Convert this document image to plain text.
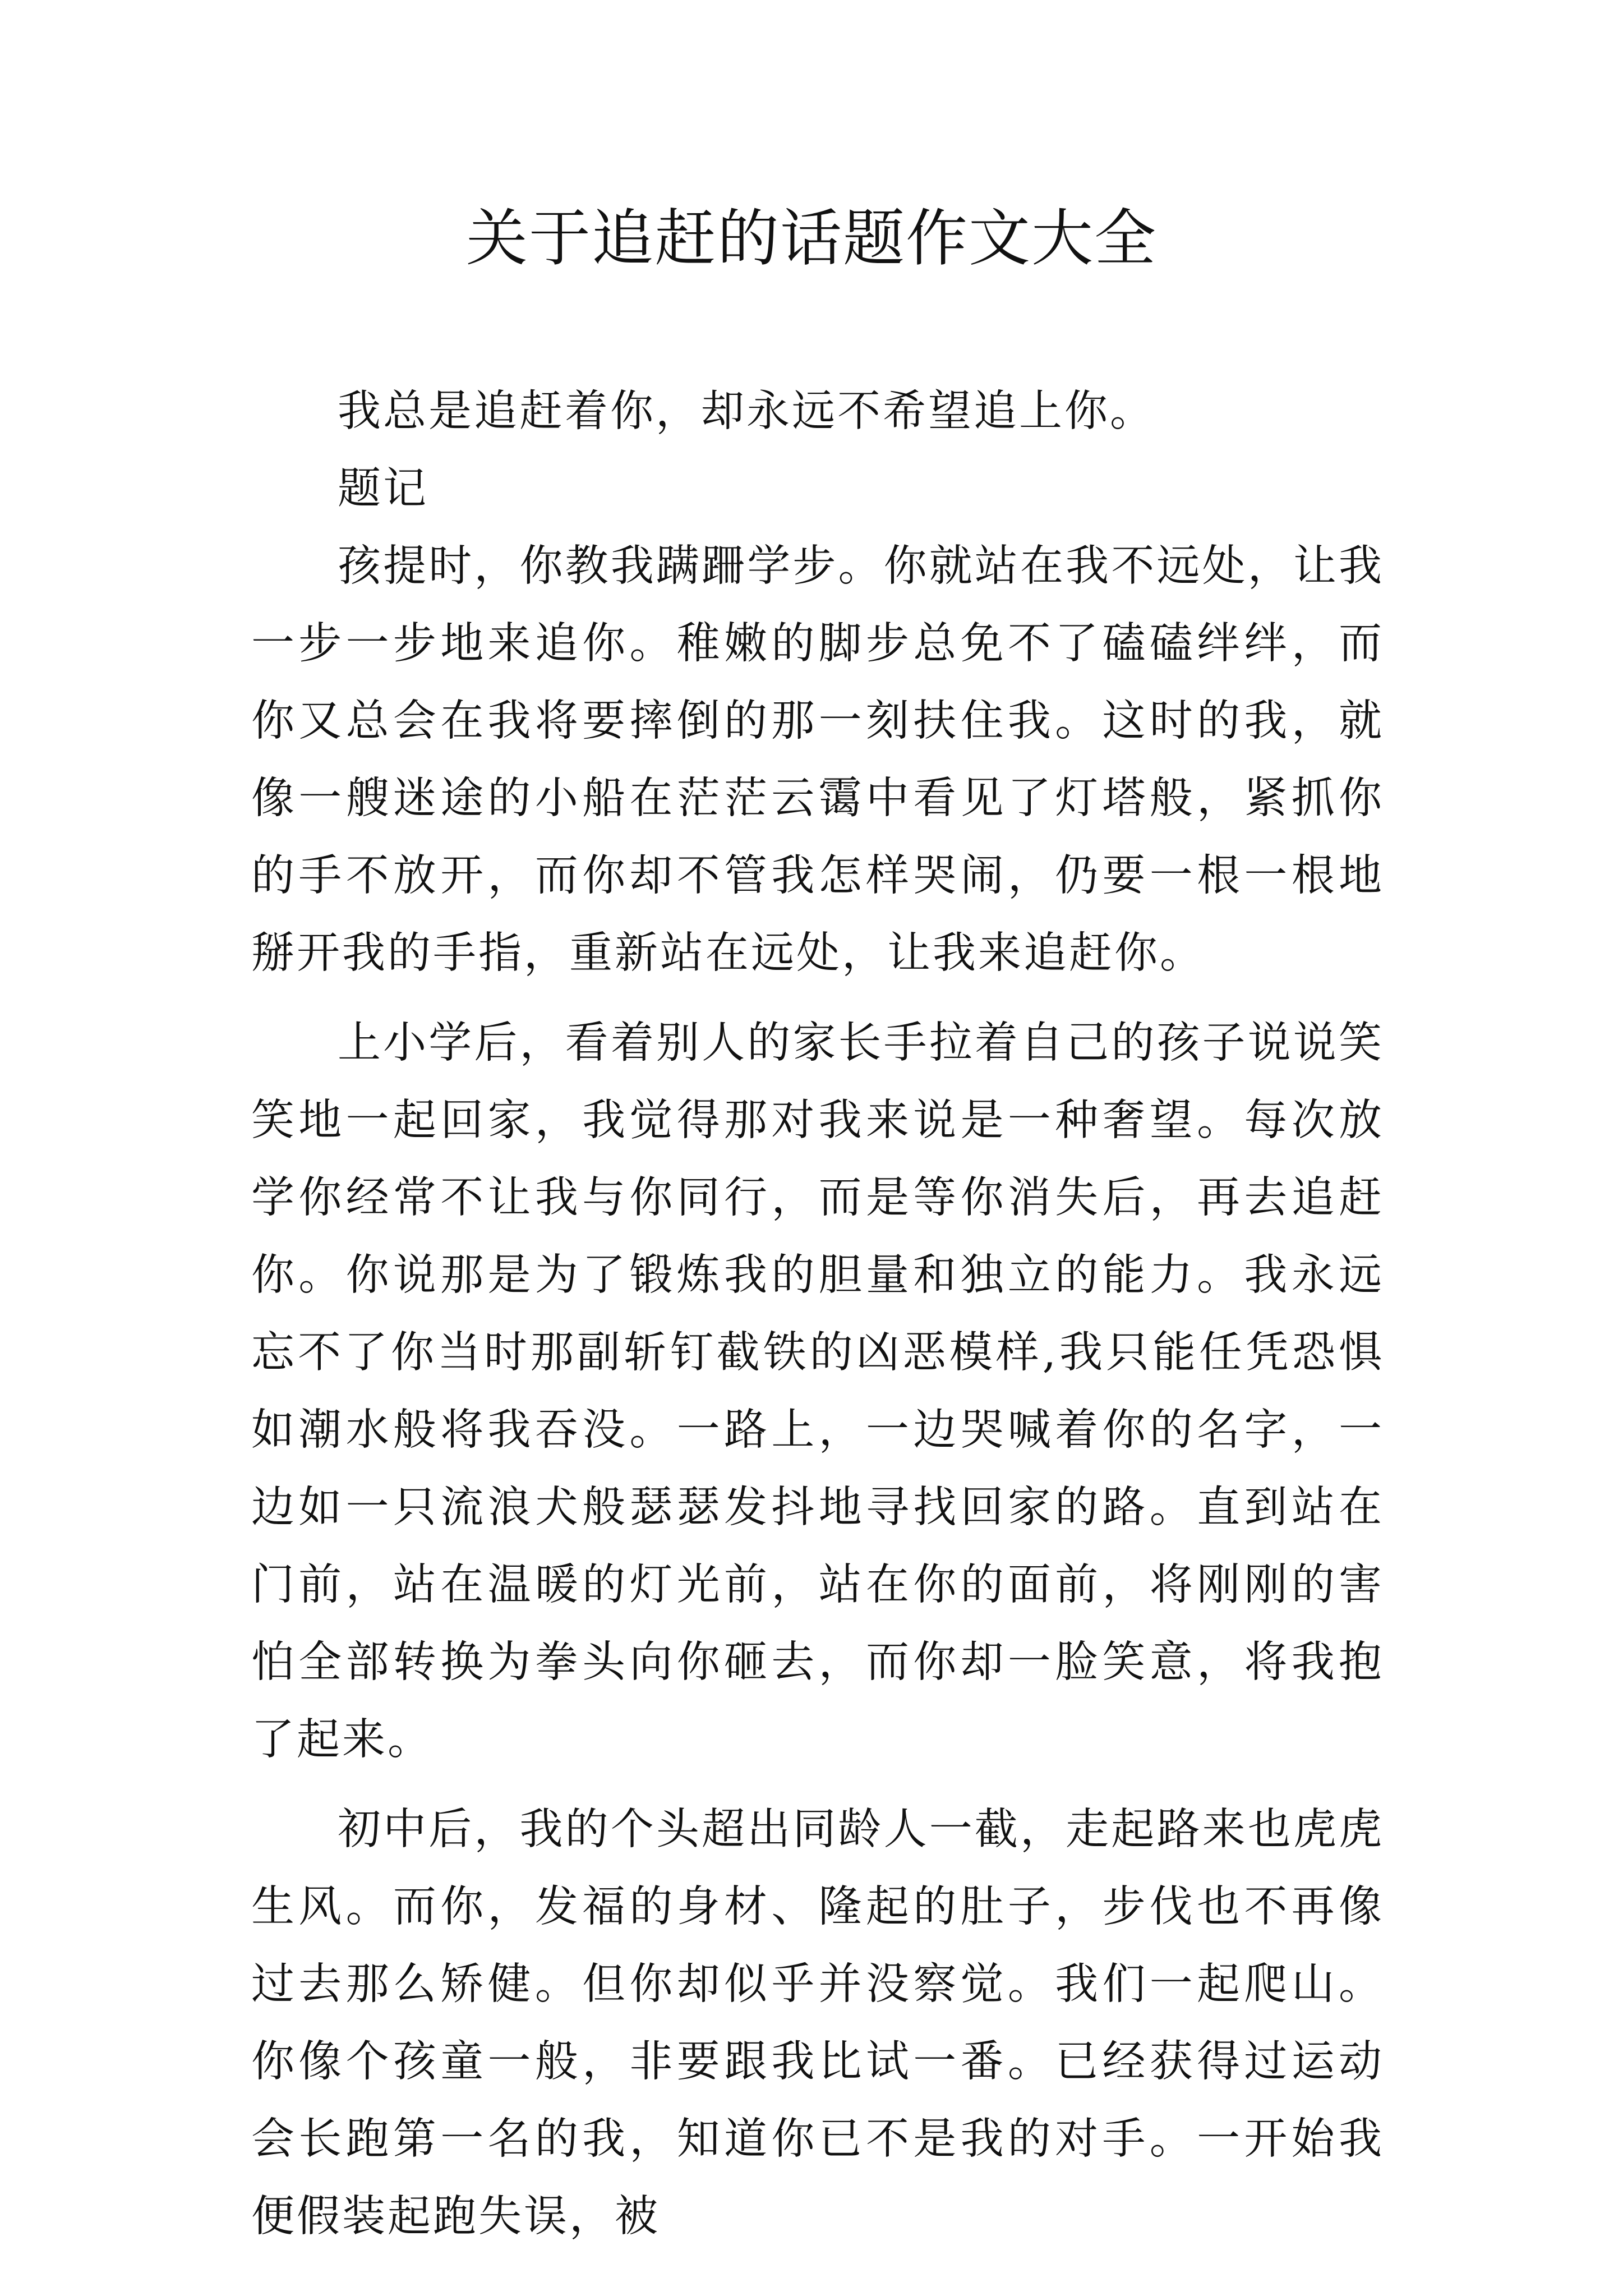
关于追赶的话题作文大全

我总是追赶着你，却永远不希望追上你。

题记

孩提时，你教我蹒跚学步。你就站在我不远处，让我一步一步地来追你。稚嫩的脚步总免不了磕磕绊绊，而你又总会在我将要摔倒的那一刻扶住我。这时的我，就像一艘迷途的小船在茫茫云霭中看见了灯塔般，紧抓你的手不放开，而你却不管我怎样哭闹，仍要一根一根地掰开我的手指，重新站在远处，让我来追赶你。

上小学后，看着别人的家长手拉着自己的孩子说说笑笑地一起回家，我觉得那对我来说是一种奢望。每次放学你经常不让我与你同行，而是等你消失后，再去追赶你。你说那是为了锻炼我的胆量和独立的能力。我永远忘不了你当时那副斩钉截铁的凶恶模样,我只能任凭恐惧如潮水般将我吞没。一路上，一边哭喊着你的名字，一边如一只流浪犬般瑟瑟发抖地寻找回家的路。直到站在门前，站在温暖的灯光前，站在你的面前，将刚刚的害怕全部转换为拳头向你砸去，而你却一脸笑意，将我抱了起来。

初中后，我的个头超出同龄人一截，走起路来也虎虎生风。而你，发福的身材、隆起的肚子，步伐也不再像过去那么矫健。但你却似乎并没察觉。我们一起爬山。你像个孩童一般，非要跟我比试一番。已经获得过运动会长跑第一名的我，知道你已不是我的对手。一开始我便假装起跑失误，被
